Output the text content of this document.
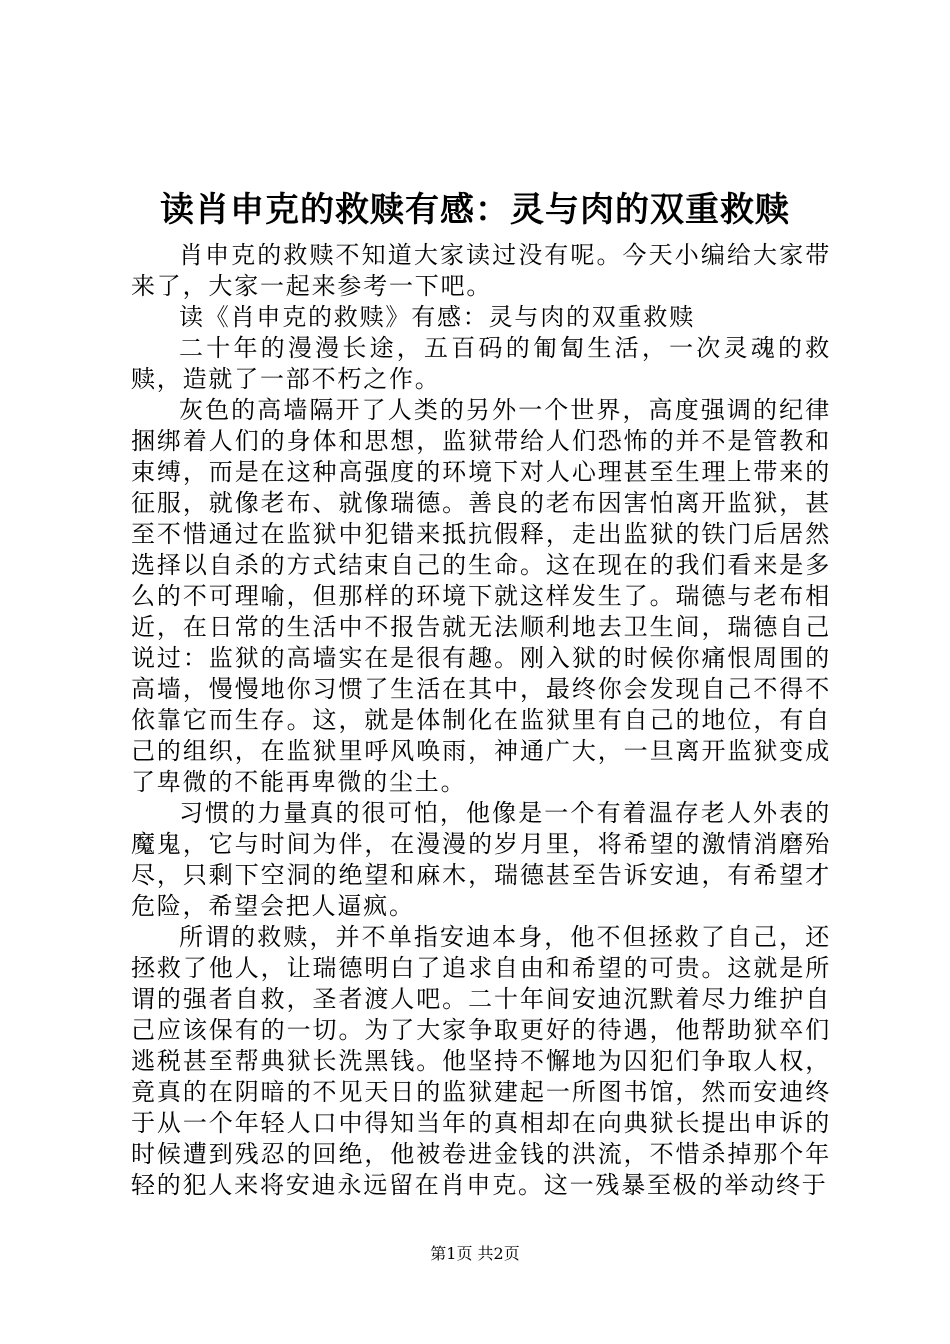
读肖申克的救赎有感：灵与肉的双重救赎

肖申克的救赎不知道大家读过没有呢。今天小编给大家带来了，大家一起来参考一下吧。

读《肖申克的救赎》有感：灵与肉的双重救赎

二十年的漫漫长途，五百码的匍匐生活，一次灵魂的救赎，造就了一部不朽之作。

灰色的高墙隔开了人类的另外一个世界，高度强调的纪律捆绑着人们的身体和思想，监狱带给人们恐怖的并不是管教和束缚，而是在这种高强度的环境下对人心理甚至生理上带来的征服，就像老布、就像瑞德。善良的老布因害怕离开监狱，甚至不惜通过在监狱中犯错来抵抗假释，走出监狱的铁门后居然选择以自杀的方式结束自己的生命。这在现在的我们看来是多么的不可理喻，但那样的环境下就这样发生了。瑞德与老布相近，在日常的生活中不报告就无法顺利地去卫生间，瑞德自己说过：监狱的高墙实在是很有趣。刚入狱的时候你痛恨周围的高墙，慢慢地你习惯了生活在其中，最终你会发现自己不得不依靠它而生存。这，就是体制化在监狱里有自己的地位，有自己的组织，在监狱里呼风唤雨，神通广大，一旦离开监狱变成了卑微的不能再卑微的尘土。

习惯的力量真的很可怕，他像是一个有着温存老人外表的魔鬼，它与时间为伴，在漫漫的岁月里，将希望的激情消磨殆尽，只剩下空洞的绝望和麻木，瑞德甚至告诉安迪，有希望才危险，希望会把人逼疯。

所谓的救赎，并不单指安迪本身，他不但拯救了自己，还拯救了他人，让瑞德明白了追求自由和希望的可贵。这就是所谓的强者自救，圣者渡人吧。二十年间安迪沉默着尽力维护自己应该保有的一切。为了大家争取更好的待遇，他帮助狱卒们逃税甚至帮典狱长洗黑钱。他坚持不懈地为囚犯们争取人权，竟真的在阴暗的不见天日的监狱建起一所图书馆，然而安迪终于从一个年轻人口中得知当年的真相却在向典狱长提出申诉的时候遭到残忍的回绝，他被卷进金钱的洪流，不惜杀掉那个年轻的犯人来将安迪永远留在肖申克。这一残暴至极的举动终于

第1页 共2页
